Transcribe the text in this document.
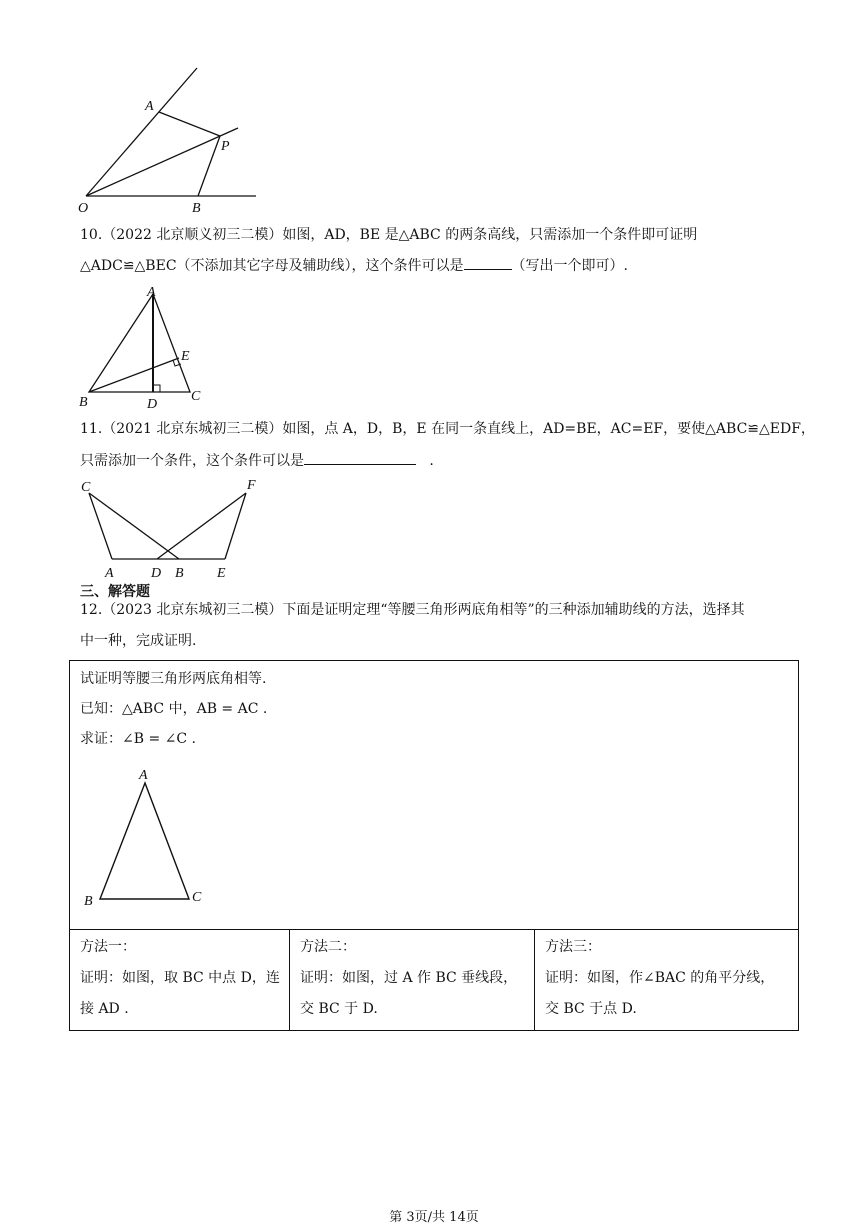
A
P
O	B
10.（2022 北京顺义初三二模）如图，AD，BE 是△ABC 的两条高线，只需添加一个条件即可证明
△ADC≌△BEC（不添加其它字母及辅助线），这个条件可以是	（写出一个即可）.
A
E
B	D
C
11.（2021 北京东城初三二模）如图，点 A，D，B，E 在同一条直线上，AD=BE，AC=EF，要使△ABC≌△EDF，
只需添加一个条件，这个条件可以是	.
C	F
A	D B E
三、解答题
12.（2023 北京东城初三二模）下面是证明定理“等腰三角形两底角相等”的三种添加辅助线的方法，选择其
中一种，完成证明.
试证明等腰三角形两底角相等.
已知：△ABC 中，AB = AC .
求证：∠B = ∠C .
A
B	C

方法一：
证明：如图，取 BC 中点 D，连
接 AD .

方法二：
证明：如图，过 A 作 BC 垂线段，
交 BC 于 D.

方法三：
证明：如图，作∠BAC 的角平分线，
交 BC 于点 D.
第 3页/共 14页
